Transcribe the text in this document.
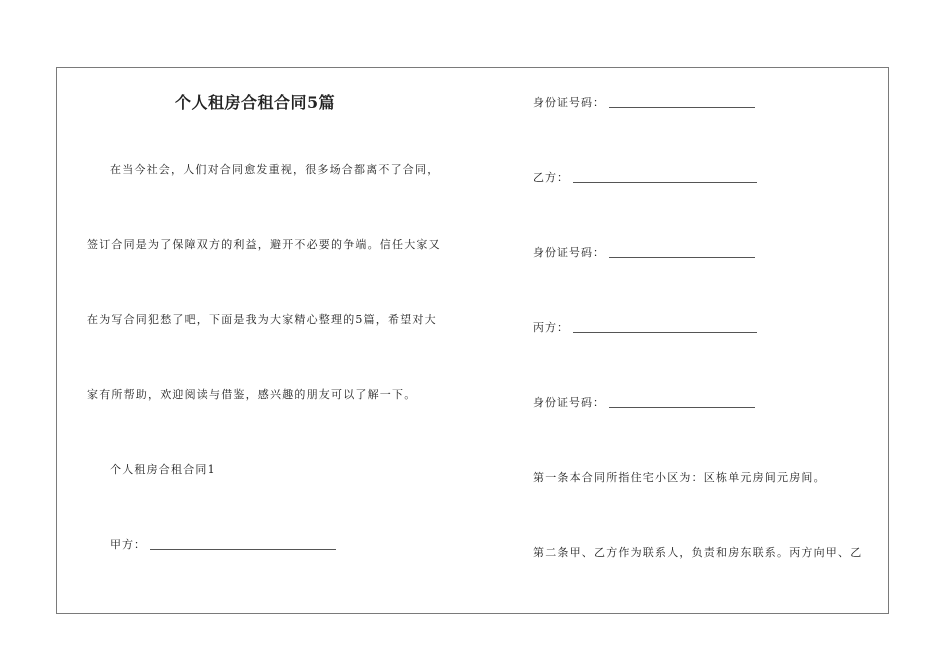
个人租房合租合同5篇
在当今社会，人们对合同愈发重视，很多场合都离不了合同，
签订合同是为了保障双方的利益，避开不必要的争端。信任大家又
在为写合同犯愁了吧，下面是我为大家精心整理的5篇，希望对大
家有所帮助，欢迎阅读与借鉴，感兴趣的朋友可以了解一下。
个人租房合租合同1
甲方：
身份证号码：
乙方：
身份证号码：
丙方：
身份证号码：
第一条本合同所指住宅小区为：区栋单元房间元房间。
第二条甲、乙方作为联系人，负责和房东联系。丙方向甲、乙
